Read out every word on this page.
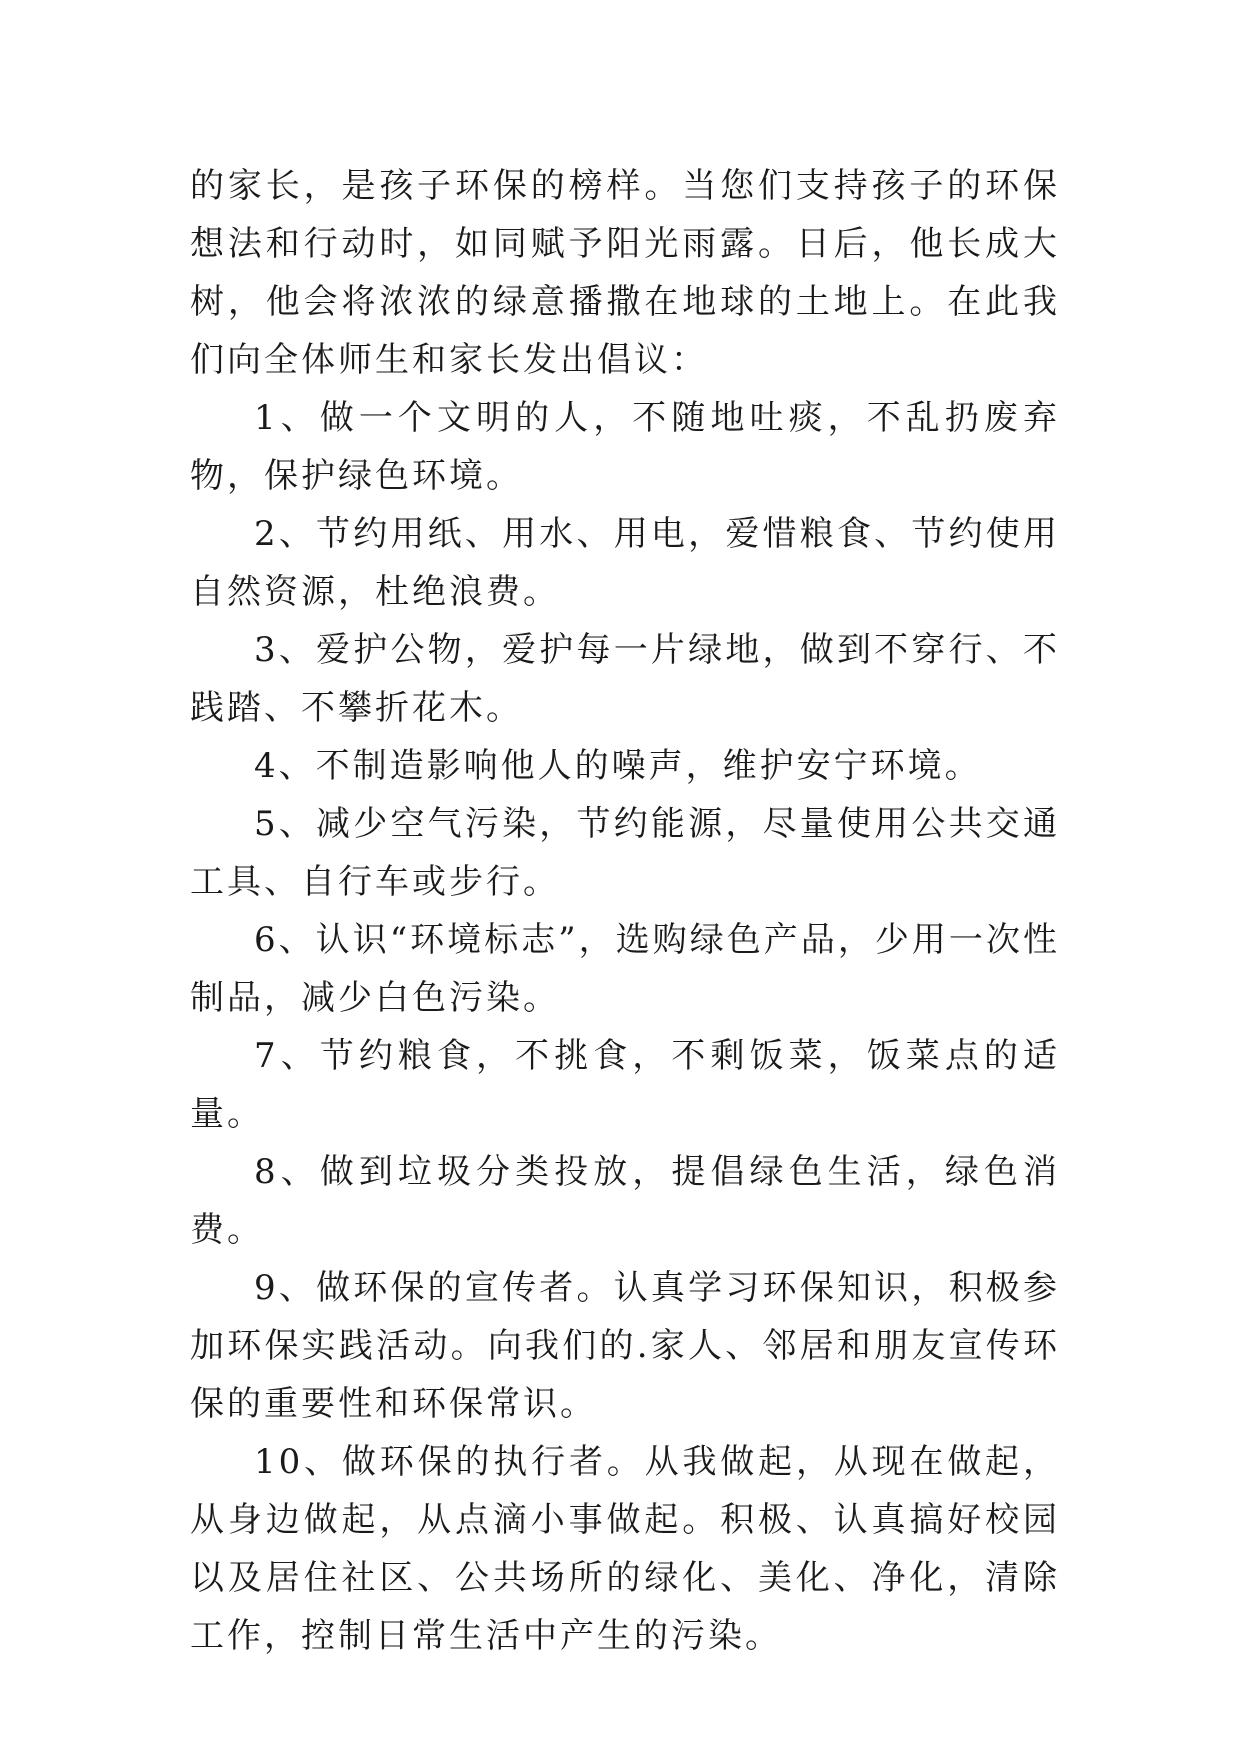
的家长，是孩子环保的榜样。当您们支持孩子的环保想法和行动时，如同赋予阳光雨露。日后，他长成大树，他会将浓浓的绿意播撒在地球的土地上。在此我们向全体师生和家长发出倡议：

1、做一个文明的人，不随地吐痰，不乱扔废弃物，保护绿色环境。

2、节约用纸、用水、用电，爱惜粮食、节约使用自然资源，杜绝浪费。

3、爱护公物，爱护每一片绿地，做到不穿行、不践踏、不攀折花木。

4、不制造影响他人的噪声，维护安宁环境。

5、减少空气污染，节约能源，尽量使用公共交通工具、自行车或步行。

6、认识“环境标志”，选购绿色产品，少用一次性制品，减少白色污染。

7、节约粮食，不挑食，不剩饭菜，饭菜点的适量。

8、做到垃圾分类投放，提倡绿色生活，绿色消费。

9、做环保的宣传者。认真学习环保知识，积极参加环保实践活动。向我们的.家人、邻居和朋友宣传环保的重要性和环保常识。

10、做环保的执行者。从我做起，从现在做起，从身边做起，从点滴小事做起。积极、认真搞好校园以及居住社区、公共场所的绿化、美化、净化，清除工作，控制日常生活中产生的污染。
